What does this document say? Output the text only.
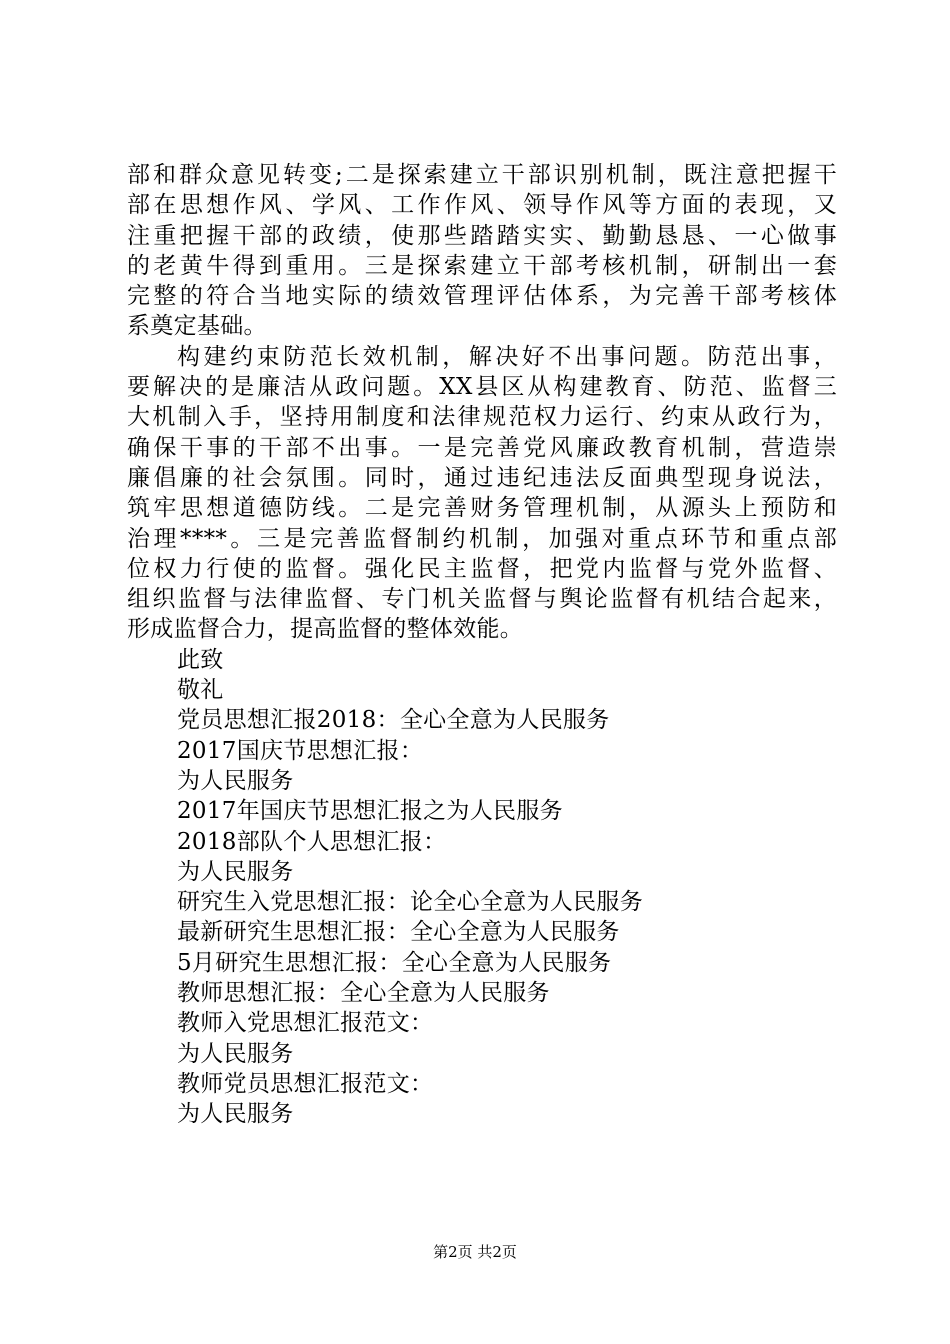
部和群众意见转变;二是探索建立干部识别机制，既注意把握干
部在思想作风、学风、工作作风、领导作风等方面的表现，又
注重把握干部的政绩，使那些踏踏实实、勤勤恳恳、一心做事
的老黄牛得到重用。三是探索建立干部考核机制，研制出一套
完整的符合当地实际的绩效管理评估体系，为完善干部考核体
系奠定基础。
构建约束防范长效机制，解决好不出事问题。防范出事，
要解决的是廉洁从政问题。XX县区从构建教育、防范、监督三
大机制入手，坚持用制度和法律规范权力运行、约束从政行为，
确保干事的干部不出事。一是完善党风廉政教育机制，营造崇
廉倡廉的社会氛围。同时，通过违纪违法反面典型现身说法，
筑牢思想道德防线。二是完善财务管理机制，从源头上预防和
治理****。三是完善监督制约机制，加强对重点环节和重点部
位权力行使的监督。强化民主监督，把党内监督与党外监督、
组织监督与法律监督、专门机关监督与舆论监督有机结合起来，
形成监督合力，提高监督的整体效能。
此致
敬礼
党员思想汇报2018：全心全意为人民服务
2017国庆节思想汇报：
为人民服务
2017年国庆节思想汇报之为人民服务
2018部队个人思想汇报：
为人民服务
研究生入党思想汇报：论全心全意为人民服务
最新研究生思想汇报：全心全意为人民服务
5月研究生思想汇报：全心全意为人民服务
教师思想汇报：全心全意为人民服务
教师入党思想汇报范文：
为人民服务
教师党员思想汇报范文：
为人民服务
第2页 共2页
